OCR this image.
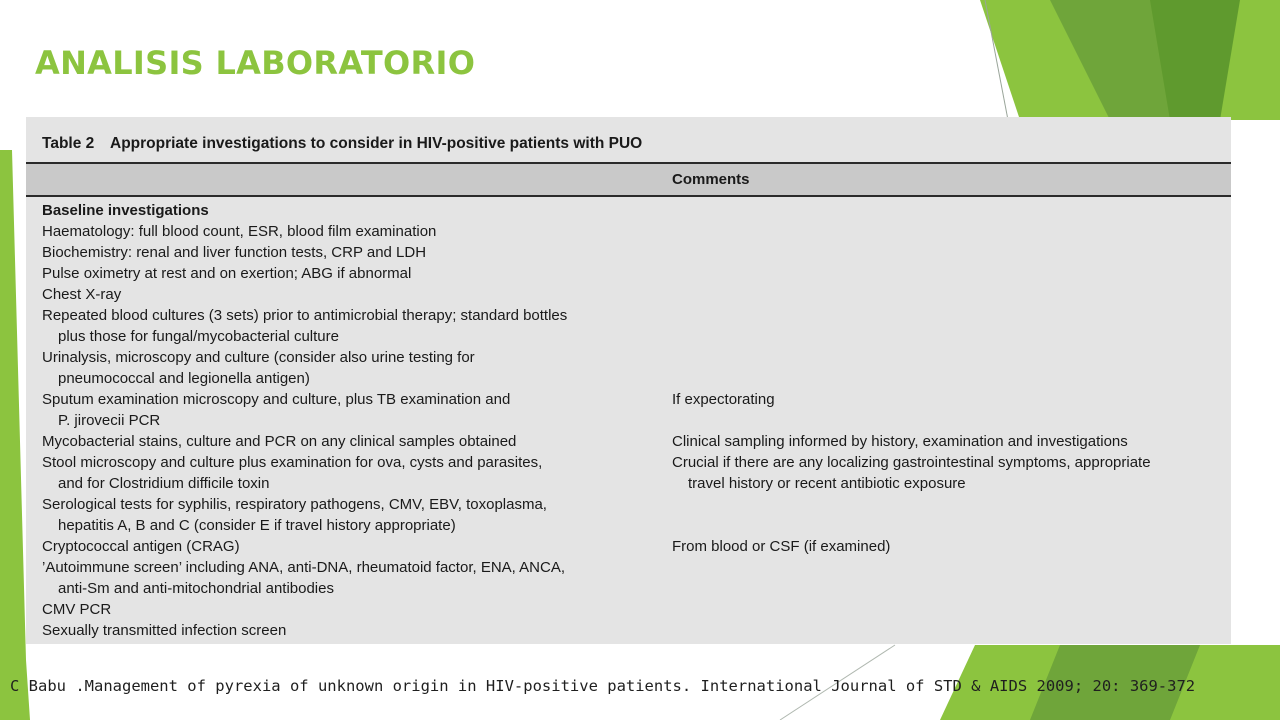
ANALISIS LABORATORIO
Table 2 Appropriate investigations to consider in HIV-positive patients with PUO
Comments
Baseline investigations
Haematology: full blood count, ESR, blood film examination
Biochemistry: renal and liver function tests, CRP and LDH
Pulse oximetry at rest and on exertion; ABG if abnormal
Chest X-ray
Repeated blood cultures (3 sets) prior to antimicrobial therapy; standard bottles
plus those for fungal/mycobacterial culture
Urinalysis, microscopy and culture (consider also urine testing for
pneumococcal and legionella antigen)
Sputum examination microscopy and culture, plus TB examination and	If expectorating
P. jirovecii PCR
Mycobacterial stains, culture and PCR on any clinical samples obtained	Clinical sampling informed by history, examination and investigations
Stool microscopy and culture plus examination for ova, cysts and parasites,	Crucial if there are any localizing gastrointestinal symptoms, appropriate
and for Clostridium difficile toxin	travel history or recent antibiotic exposure
Serological tests for syphilis, respiratory pathogens, CMV, EBV, toxoplasma,
hepatitis A, B and C (consider E if travel history appropriate)
Cryptococcal antigen (CRAG)	From blood or CSF (if examined)
’Autoimmune screen’ including ANA, anti-DNA, rheumatoid factor, ENA, ANCA,
anti-Sm and anti-mitochondrial antibodies
CMV PCR
Sexually transmitted infection screen

C Babu .Management of pyrexia of unknown origin in HIV-positive patients. International Journal of STD & AIDS 2009; 20: 369-372
